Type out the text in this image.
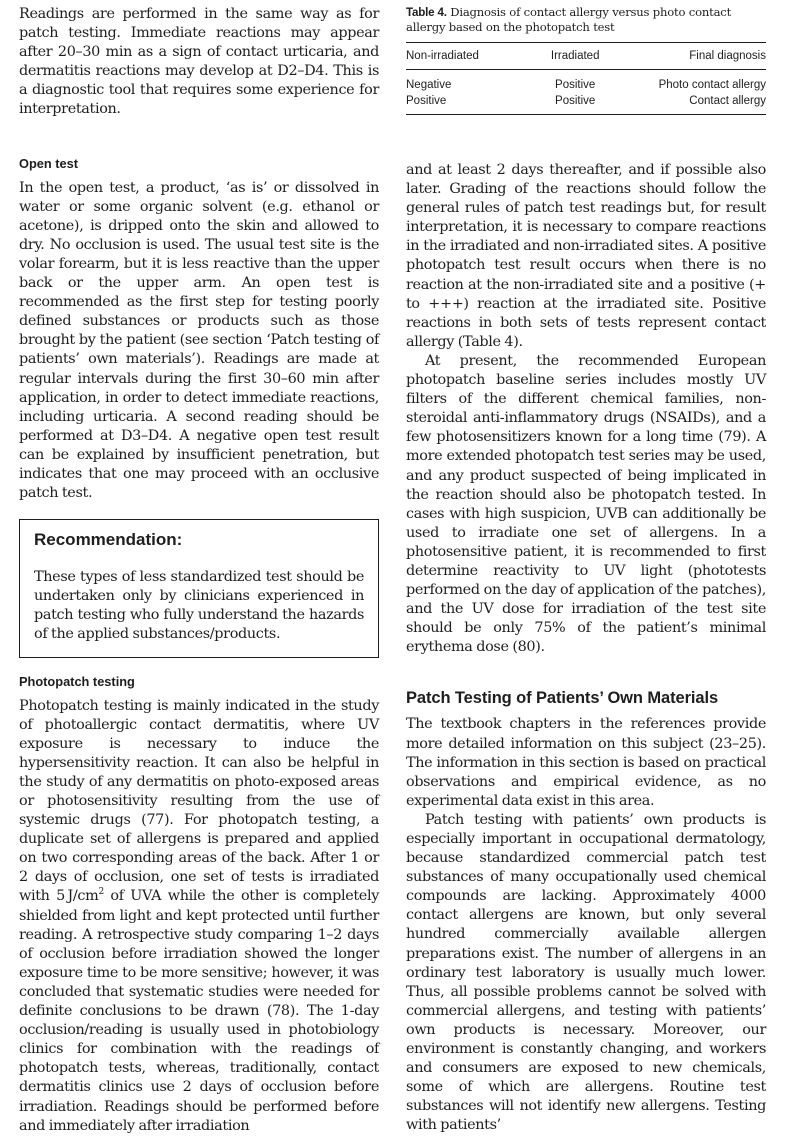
Readings are performed in the same way as for patch testing. Immediate reactions may appear after 20–30 min as a sign of contact urticaria, and dermatitis reactions may develop at D2–D4. This is a diagnostic tool that requires some experience for interpretation.

Open test

In the open test, a product, ‘as is’ or dissolved in water or some organic solvent (e.g. ethanol or acetone), is dripped onto the skin and allowed to dry. No occlusion is used. The usual test site is the volar forearm, but it is less reactive than the upper back or the upper arm. An open test is recommended as the first step for testing poorly defined substances or products such as those brought by the patient (see section ‘Patch testing of patients’ own materials’). Readings are made at regular intervals during the first 30–60 min after application, in order to detect immediate reactions, including urticaria. A second reading should be performed at D3–D4. A negative open test result can be explained by insufficient penetration, but indicates that one may proceed with an occlusive patch test.

Recommendation:

These types of less standardized test should be undertaken only by clinicians experienced in patch testing who fully understand the hazards of the applied substances/products.

Photopatch testing

Photopatch testing is mainly indicated in the study of photoallergic contact dermatitis, where UV exposure is necessary to induce the hypersensitivity reaction. It can also be helpful in the study of any dermatitis on photo-exposed areas or photosensitivity resulting from the use of systemic drugs (77). For photopatch testing, a duplicate set of allergens is prepared and applied on two corresponding areas of the back. After 1 or 2 days of occlusion, one set of tests is irradiated with 5  $J/cm^2$ of UVA while the other is completely shielded from light and kept protected until further reading. A retrospective study comparing 1–2 days of occlusion before irradiation showed the longer exposure time to be more sensitive; however, it was concluded that systematic studies were needed for definite conclusions to be drawn (78). The 1-day occlusion/reading is usually used in photobiology clinics for combination with the readings of photopatch tests, whereas, traditionally, contact dermatitis clinics use 2 days of occlusion before irradiation. Readings should be performed before and immediately after irradiation

Table 4. Diagnosis of contact allergy versus photo contact allergy based on the photopatch test

Non-irradiated	Irradiated	Final diagnosis
Negative	Positive	Photo contact allergy
Positive	Positive	Contact allergy

and at least 2 days thereafter, and if possible also later. Grading of the reactions should follow the general rules of patch test readings but, for result interpretation, it is necessary to compare reactions in the irradiated and non-irradiated sites. A positive photopatch test result occurs when there is no reaction at the non-irradiated site and a positive (+ to +++) reaction at the irradiated site. Positive reactions in both sets of tests represent contact allergy (Table 4).

At present, the recommended European photopatch baseline series includes mostly UV filters of the different chemical families, non-steroidal anti-inflammatory drugs (NSAIDs), and a few photosensitizers known for a long time (79). A more extended photopatch test series may be used, and any product suspected of being implicated in the reaction should also be photopatch tested. In cases with high suspicion, UVB can additionally be used to irradiate one set of allergens. In a photosensitive patient, it is recommended to first determine reactivity to UV light (phototests performed on the day of application of the patches), and the UV dose for irradiation of the test site should be only 75% of the patient’s minimal erythema dose (80).

Patch Testing of Patients’ Own Materials

The textbook chapters in the references provide more detailed information on this subject (23–25). The information in this section is based on practical observations and empirical evidence, as no experimental data exist in this area.

Patch testing with patients’ own products is especially important in occupational dermatology, because standardized commercial patch test substances of many occupationally used chemical compounds are lacking. Approximately 4000 contact allergens are known, but only several hundred commercially available allergen preparations exist. The number of allergens in an ordinary test laboratory is usually much lower. Thus, all possible problems cannot be solved with commercial allergens, and testing with patients’ own products is necessary. Moreover, our environment is constantly changing, and workers and consumers are exposed to new chemicals, some of which are allergens. Routine test substances will not identify new allergens. Testing with patients’
